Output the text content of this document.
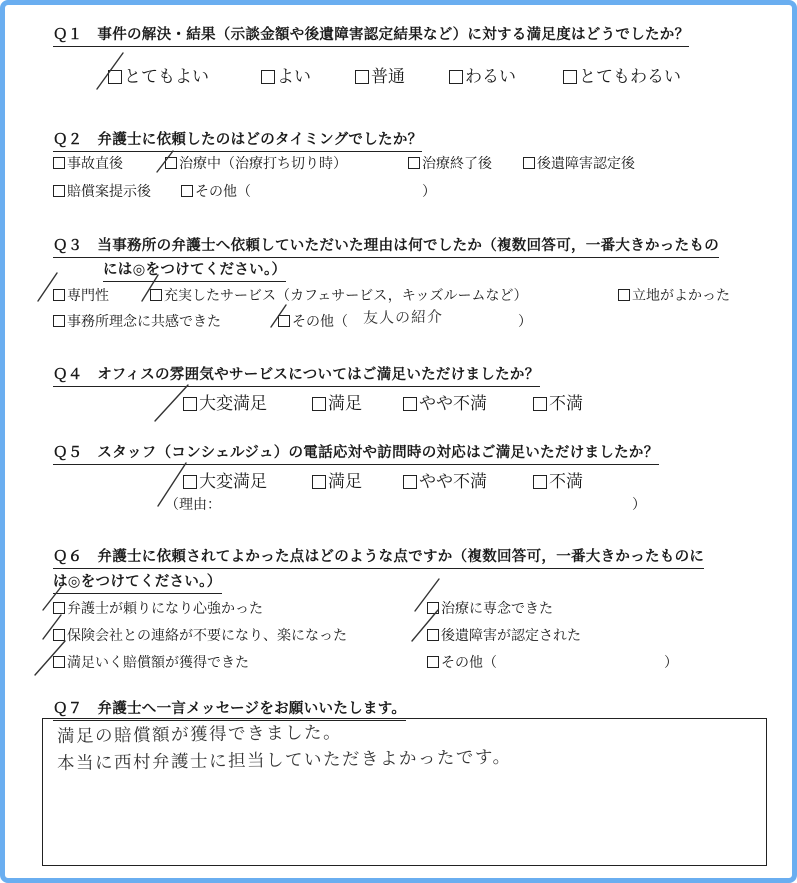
Ｑ１　事件の解決・結果（示談金額や後遺障害認定結果など）に対する満足度はどうでしたか？
とてもよい	よい	普通	わるい	とてもわるい
Ｑ２　弁護士に依頼したのはどのタイミングでしたか？
事故直後	治療中（治療打ち切り時）	治療終了後	後遺障害認定後
賠償案提示後	その他（	）
Ｑ３　当事務所の弁護士へ依頼していただいた理由は何でしたか（複数回答可，一番大きかったもの
には◎をつけてください。）
専門性	充実したサービス（カフェサービス，キッズルームなど）	立地がよかった
事務所理念に共感できた	その他（ 友人の紹介	）
Ｑ４　オフィスの雰囲気やサービスについてはご満足いただけましたか？
大変満足	満足	やや不満	不満
Ｑ５　スタッフ（コンシェルジュ）の電話応対や訪問時の対応はご満足いただけましたか？
大変満足	満足	やや不満	不満
（理由：	）
Ｑ６　弁護士に依頼されてよかった点はどのような点ですか（複数回答可，一番大きかったものに
は◎をつけてください。）
弁護士が頼りになり心強かった	治療に専念できた
保険会社との連絡が不要になり、楽になった	後遺障害が認定された
満足いく賠償額が獲得できた	その他（	）
Ｑ７　弁護士へ一言メッセージをお願いいたします。
満足の賠償額が獲得できました。
本当に西村弁護士に担当していただきよかったです。
